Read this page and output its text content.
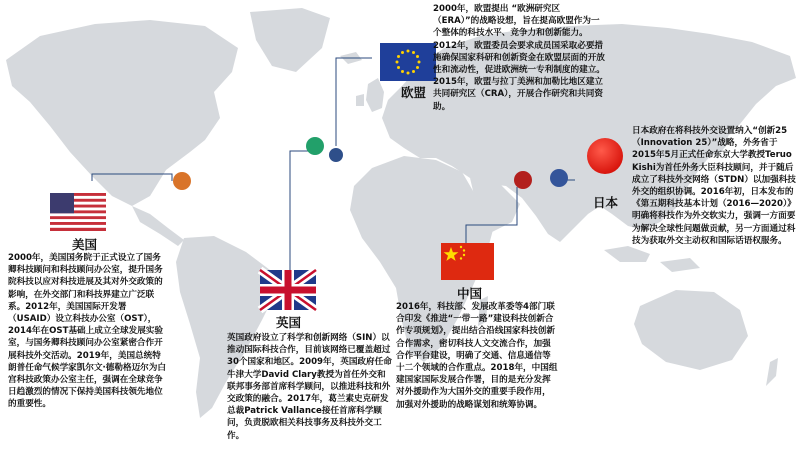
美国
欧盟
英国
中国
日本

2000年，欧盟提出 “欧洲研究区（ERA）”的战略设想，旨在提高欧盟作为一个整体的科技水平、竞争力和创新能力。2012年，欧盟委员会要求成员国采取必要措施确保国家科研和创新资金在欧盟层面的开放性和流动性，促进欧洲统一专利制度的建立。2015年，欧盟与拉丁美洲和加勒比地区建立共同研究区（CRA），开展合作研究和共同资助。

日本政府在将科技外交设置纳入“创新25（Innovation 25）”战略，外务省于2015年5月正式任命东京大学教授Teruo Kishi为首任外务大臣科技顾问，并于随后成立了科技外交网络（STDN）以加强科技外交的组织协调。2016年初，日本发布的《第五期科技基本计划（2016—2020）》明确将科技作为外交软实力，强调一方面要为解决全球性问题做贡献，另一方面通过科技为获取外交主动权和国际话语权服务。

2000年，美国国务院于正式设立了国务卿科技顾问和科技顾问办公室，提升国务院科技以应对科技进展及其对外交政策的影响，在外交部门和科技界建立广泛联系。2012年，美国国际开发署（USAID）设立科技办公室（OST），2014年在OST基础上成立全球发展实验室，与国务卿科技顾问办公室紧密合作开展科技外交活动。2019年，美国总统特朗普任命气候学家凯尔文·德勒格迈尔为白宫科技政策办公室主任，强调在全球竞争日趋激烈的情况下保持美国科技领先地位的重要性。

英国政府设立了科学和创新网络（SIN）以推动国际科技合作，目前该网络已覆盖超过30个国家和地区。2009年，英国政府任命牛津大学David Clary教授为首任外交和联邦事务部首席科学顾问，以推进科技和外交政策的融合。2017年，葛兰素史克研发总裁Patrick Vallance接任首席科学顾问，负责脱欧相关科技事务及科技外交工作。

2016年，科技部、发展改革委等4部门联合印发《推进“一带一路”建设科技创新合作专项规划》，提出结合沿线国家科技创新合作需求，密切科技人文交流合作，加强合作平台建设，明确了交通、信息通信等十二个领域的合作重点。2018年，中国组建国家国际发展合作署，目的是充分发挥对外援助作为大国外交的重要手段作用，加强对外援助的战略谋划和统筹协调。
